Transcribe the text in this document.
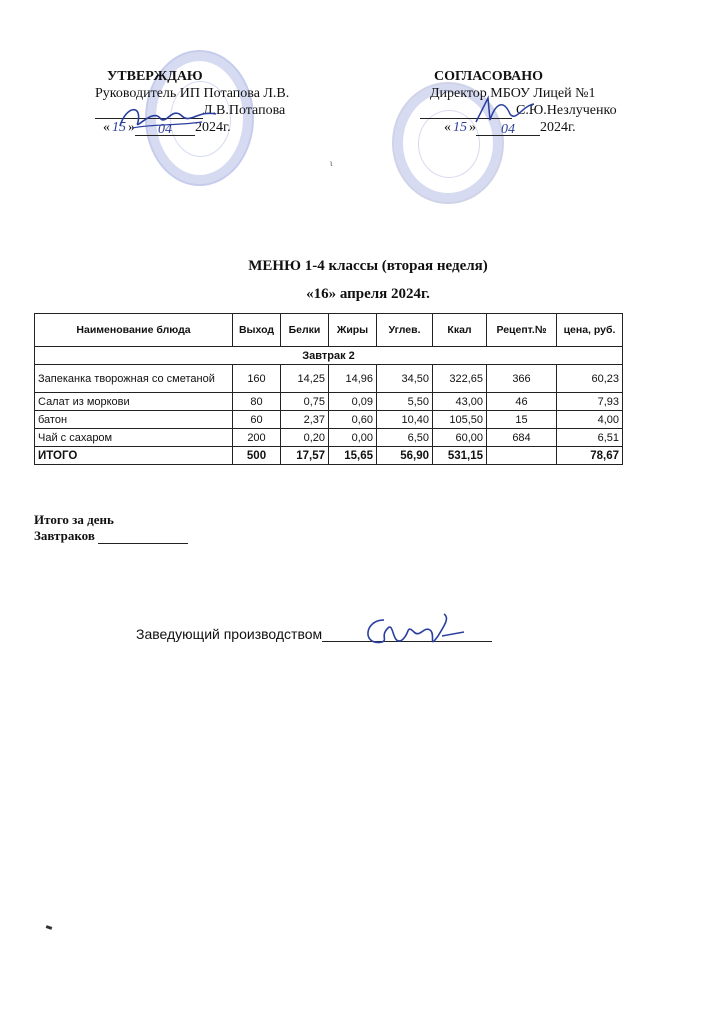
УТВЕРЖДАЮ
Руководитель ИП Потапова Л.В.
Л.В.Потапова
« 15 » 04 2024г.
СОГЛАСОВАНО
Директор МБОУ Лицей №1
С.Ю.Незлученко
« 15 » 04 2024г.
МЕНЮ 1-4 классы (вторая неделя)
«16» апреля 2024г.
Наименование блюда	Выход	Белки	Жиры	Углев.	Ккал	Рецепт.№	цена, руб.
Завтрак 2							
Запеканка творожная со сметаной	160	14,25	14,96	34,50	322,65	366	60,23
Салат из моркови	80	0,75	0,09	5,50	43,00	46	7,93
батон	60	2,37	0,60	10,40	105,50	15	4,00
Чай с сахаром	200	0,20	0,00	6,50	60,00	684	6,51
ИТОГО	500	17,57	15,65	56,90	531,15		78,67
Итого за день
Завтраков
Заведующий производством
ι
